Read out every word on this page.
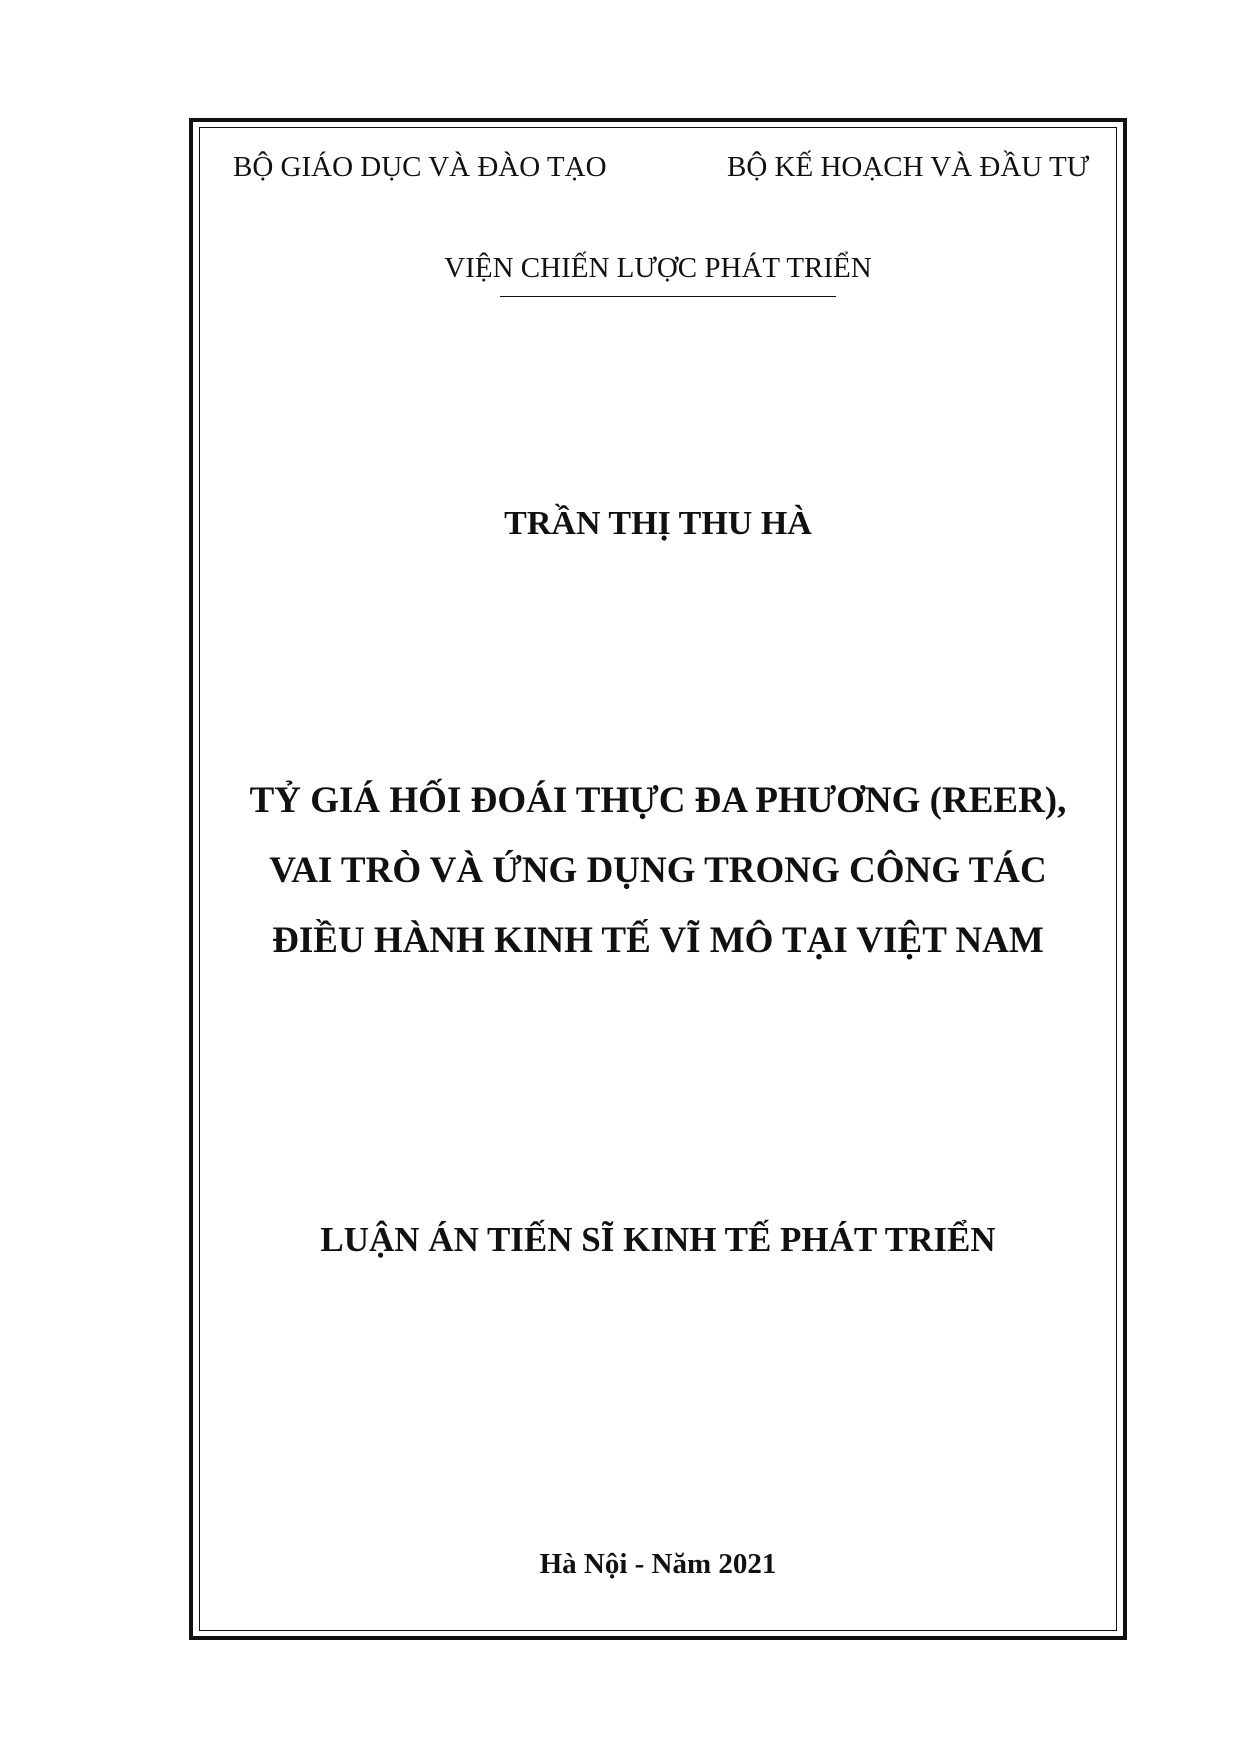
BỘ GIÁO DỤC VÀ ĐÀO TẠO	BỘ KẾ HOẠCH VÀ ĐẦU TƯ
VIỆN CHIẾN LƯỢC PHÁT TRIỂN
TRẦN THỊ THU HÀ
TỶ GIÁ HỐI ĐOÁI THỰC ĐA PHƯƠNG (REER),
VAI TRÒ VÀ ỨNG DỤNG TRONG CÔNG TÁC
ĐIỀU HÀNH KINH TẾ VĨ MÔ TẠI VIỆT NAM
LUẬN ÁN TIẾN SĨ KINH TẾ PHÁT TRIỂN
Hà Nội - Năm 2021
